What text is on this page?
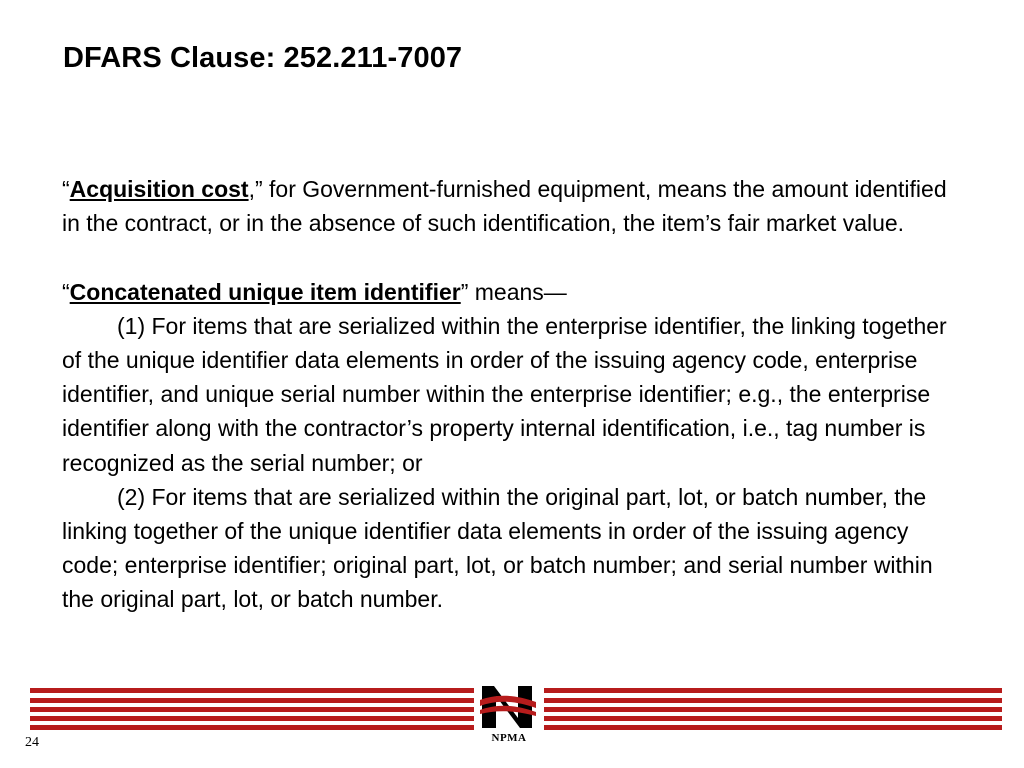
DFARS Clause: 252.211-7007

“Acquisition cost,” for Government-furnished equipment, means the amount identified in the contract, or in the absence of such identification, the item’s fair market value.

“Concatenated unique item identifier” means—

(1) For items that are serialized within the enterprise identifier, the linking together of the unique identifier data elements in order of the issuing agency code, enterprise identifier, and unique serial number within the enterprise identifier; e.g., the enterprise identifier along with the contractor’s property internal identification, i.e., tag number is recognized as the serial number; or

(2) For items that are serialized within the original part, lot, or batch number, the linking together of the unique identifier data elements in order of the issuing agency code; enterprise identifier; original part, lot, or batch number; and serial number within the original part, lot, or batch number.

NPMA
24
